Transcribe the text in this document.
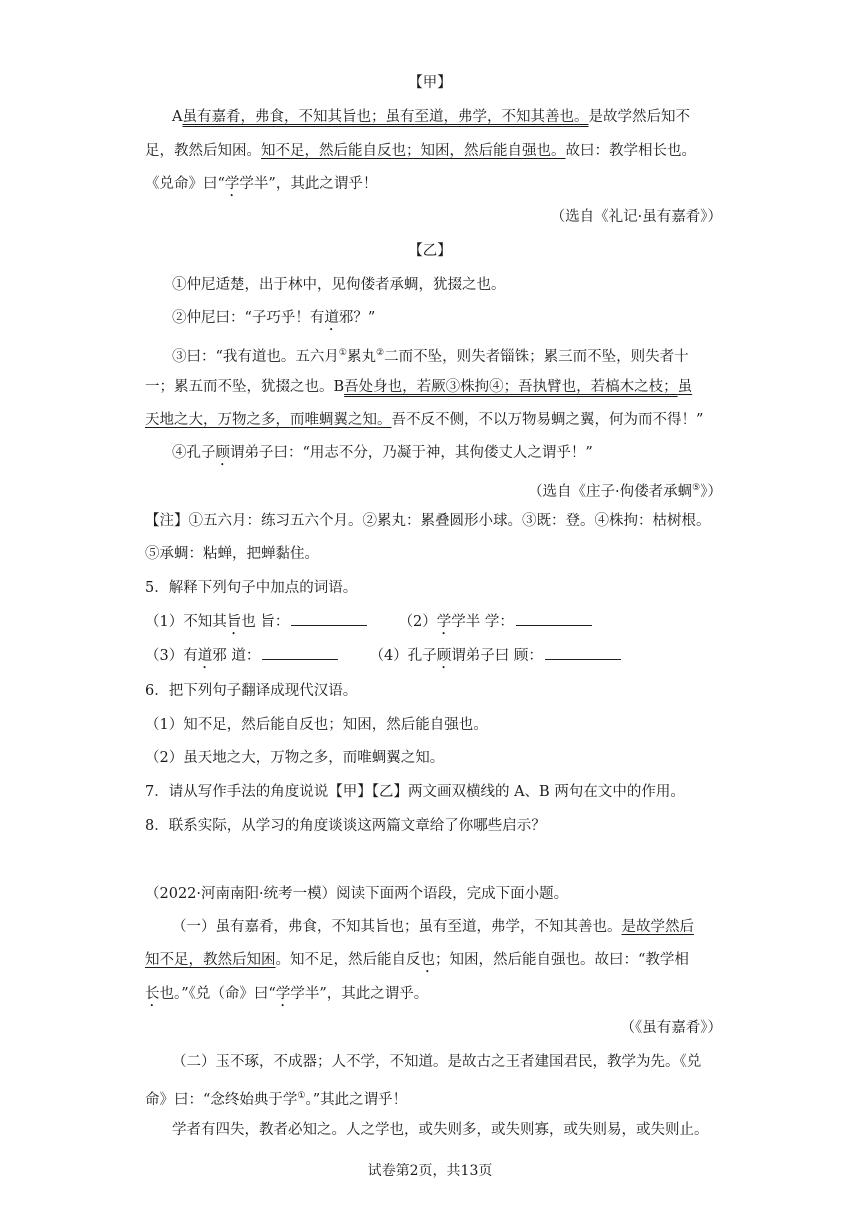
【甲】
A虽有嘉肴，弗食，不知其旨也；虽有至道，弗学，不知其善也。是故学然后知不
足，教然后知困。知不足，然后能自反也；知困，然后能自强也。故曰：教学相长也。
《兑命》曰“学学半”，其此之谓乎！
（选自《礼记·虽有嘉肴》）
【乙】
①仲尼适楚，出于林中，见佝偻者承蜩，犹掇之也。
②仲尼曰：“子巧乎！有道邪？”
③曰：“我有道也。五六月①累丸②二而不坠，则失者锱铢；累三而不坠，则失者十
一；累五而不坠，犹掇之也。B吾处身也，若厥③株拘④；吾执臂也，若槁木之枝；虽
天地之大，万物之多，而唯蜩翼之知。吾不反不侧，不以万物易蜩之翼，何为而不得！”
④孔子顾谓弟子曰：“用志不分，乃凝于神，其佝偻丈人之谓乎！”
（选自《庄子·佝偻者承蜩⑤》）
【注】①五六月：练习五六个月。②累丸：累叠圆形小球。③既：登。④株拘：枯树根。
⑤承蜩：粘蝉，把蝉黏住。
5．解释下列句子中加点的词语。
（1）不知其旨也 旨：	（2）学学半 学：
（3）有道邪 道：	（4）孔子顾谓弟子曰 顾：
6．把下列句子翻译成现代汉语。
（1）知不足，然后能自反也；知困，然后能自强也。
（2）虽天地之大，万物之多，而唯蜩翼之知。
7．请从写作手法的角度说说【甲】【乙】两文画双横线的 A、B 两句在文中的作用。
8．联系实际，从学习的角度谈谈这两篇文章给了你哪些启示？
（2022·河南南阳·统考一模）阅读下面两个语段，完成下面小题。
（一）虽有嘉肴，弗食，不知其旨也；虽有至道，弗学，不知其善也。是故学然后
知不足，教然后知困。知不足，然后能自反也；知困，然后能自强也。故曰：“教学相
长也。”《兑（命》曰“学学半”，其此之谓乎。
（《虽有嘉肴》）
（二）玉不琢，不成器；人不学，不知道。是故古之王者建国君民，教学为先。《兑
命》曰：“念终始典于学①。”其此之谓乎！
学者有四失，教者必知之。人之学也，或失则多，或失则寡，或失则易，或失则止。
试卷第2页，共13页
